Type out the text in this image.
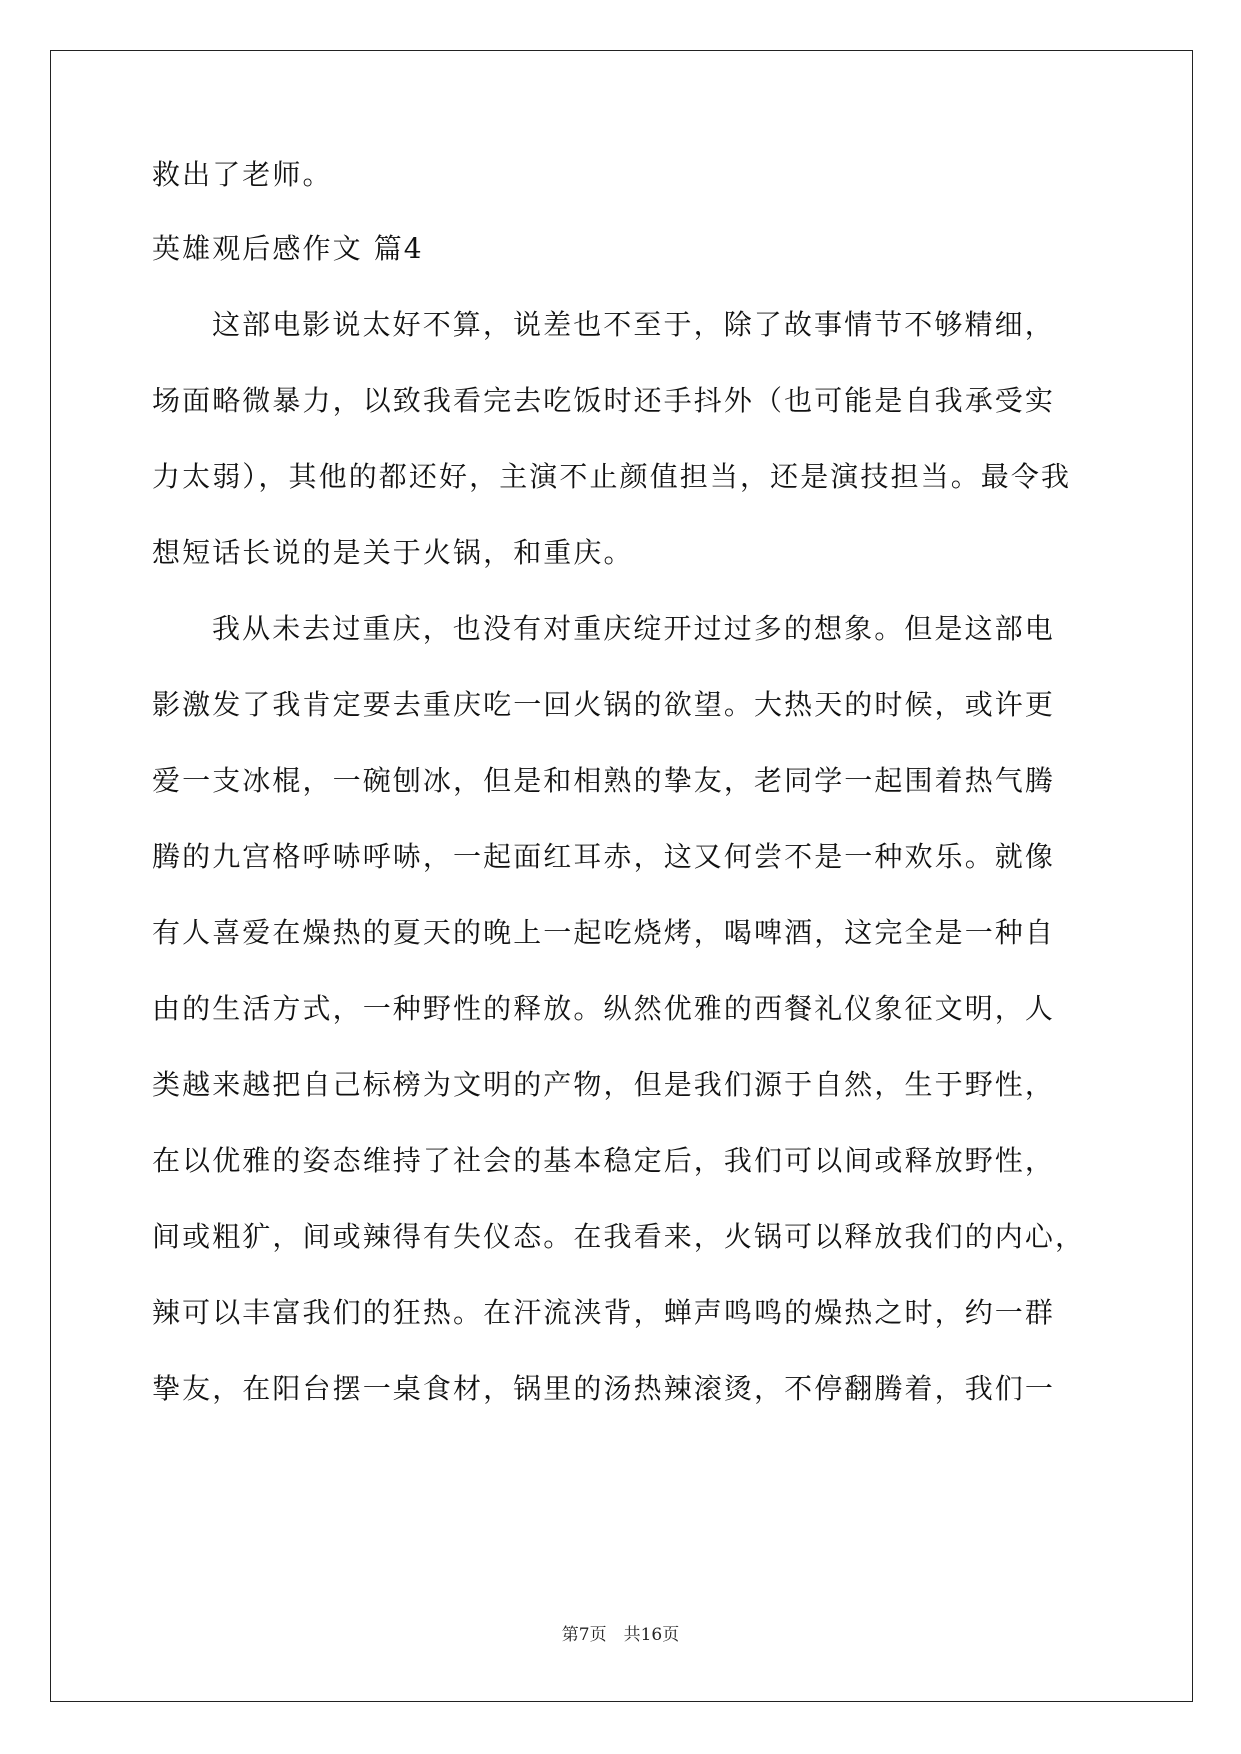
救出了老师。
英雄观后感作文 篇4
这部电影说太好不算，说差也不至于，除了故事情节不够精细，
场面略微暴力，以致我看完去吃饭时还手抖外（也可能是自我承受实
力太弱），其他的都还好，主演不止颜值担当，还是演技担当。最令我
想短话长说的是关于火锅，和重庆。
我从未去过重庆，也没有对重庆绽开过过多的想象。但是这部电
影激发了我肯定要去重庆吃一回火锅的欲望。大热天的时候，或许更
爱一支冰棍，一碗刨冰，但是和相熟的挚友，老同学一起围着热气腾
腾的九宫格呼哧呼哧，一起面红耳赤，这又何尝不是一种欢乐。就像
有人喜爱在燥热的夏天的晚上一起吃烧烤，喝啤酒，这完全是一种自
由的生活方式，一种野性的释放。纵然优雅的西餐礼仪象征文明，人
类越来越把自己标榜为文明的产物，但是我们源于自然，生于野性，
在以优雅的姿态维持了社会的基本稳定后，我们可以间或释放野性，
间或粗犷，间或辣得有失仪态。在我看来，火锅可以释放我们的内心，
辣可以丰富我们的狂热。在汗流浃背，蝉声鸣鸣的燥热之时，约一群
挚友，在阳台摆一桌食材，锅里的汤热辣滚烫，不停翻腾着，我们一
第7页　共16页
